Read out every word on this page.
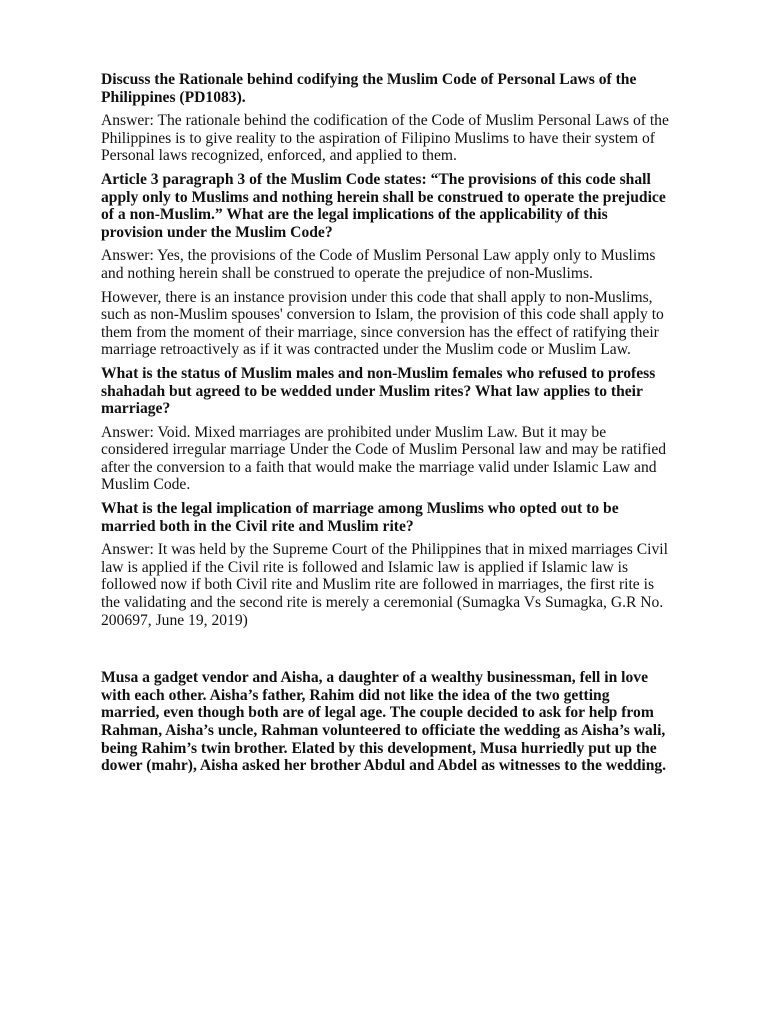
Discuss the Rationale behind codifying the Muslim Code of Personal Laws of the Philippines (PD1083).

Answer: The rationale behind the codification of the Code of Muslim Personal Laws of the Philippines is to give reality to the aspiration of Filipino Muslims to have their system of Personal laws recognized, enforced, and applied to them.

Article 3 paragraph 3 of the Muslim Code states: “The provisions of this code shall apply only to Muslims and nothing herein shall be construed to operate the prejudice of a non-Muslim.” What are the legal implications of the applicability of this provision under the Muslim Code?

Answer: Yes, the provisions of the Code of Muslim Personal Law apply only to Muslims and nothing herein shall be construed to operate the prejudice of non-Muslims.

However, there is an instance provision under this code that shall apply to non-Muslims, such as non-Muslim spouses' conversion to Islam, the provision of this code shall apply to them from the moment of their marriage, since conversion has the effect of ratifying their marriage retroactively as if it was contracted under the Muslim code or Muslim Law.

What is the status of Muslim males and non-Muslim females who refused to profess shahadah but agreed to be wedded under Muslim rites? What law applies to their marriage?

Answer: Void. Mixed marriages are prohibited under Muslim Law. But it may be considered irregular marriage Under the Code of Muslim Personal law and may be ratified after the conversion to a faith that would make the marriage valid under Islamic Law and Muslim Code.

What is the legal implication of marriage among Muslims who opted out to be married both in the Civil rite and Muslim rite?

Answer: It was held by the Supreme Court of the Philippines that in mixed marriages Civil law is applied if the Civil rite is followed and Islamic law is applied if Islamic law is followed now if both Civil rite and Muslim rite are followed in marriages, the first rite is the validating and the second rite is merely a ceremonial (Sumagka Vs Sumagka, G.R No. 200697, June 19, 2019)

Musa a gadget vendor and Aisha, a daughter of a wealthy businessman, fell in love with each other. Aisha’s father, Rahim did not like the idea of the two getting married, even though both are of legal age. The couple decided to ask for help from Rahman, Aisha’s uncle, Rahman volunteered to officiate the wedding as Aisha’s wali, being Rahim’s twin brother. Elated by this development, Musa hurriedly put up the dower (mahr), Aisha asked her brother Abdul and Abdel as witnesses to the wedding.
